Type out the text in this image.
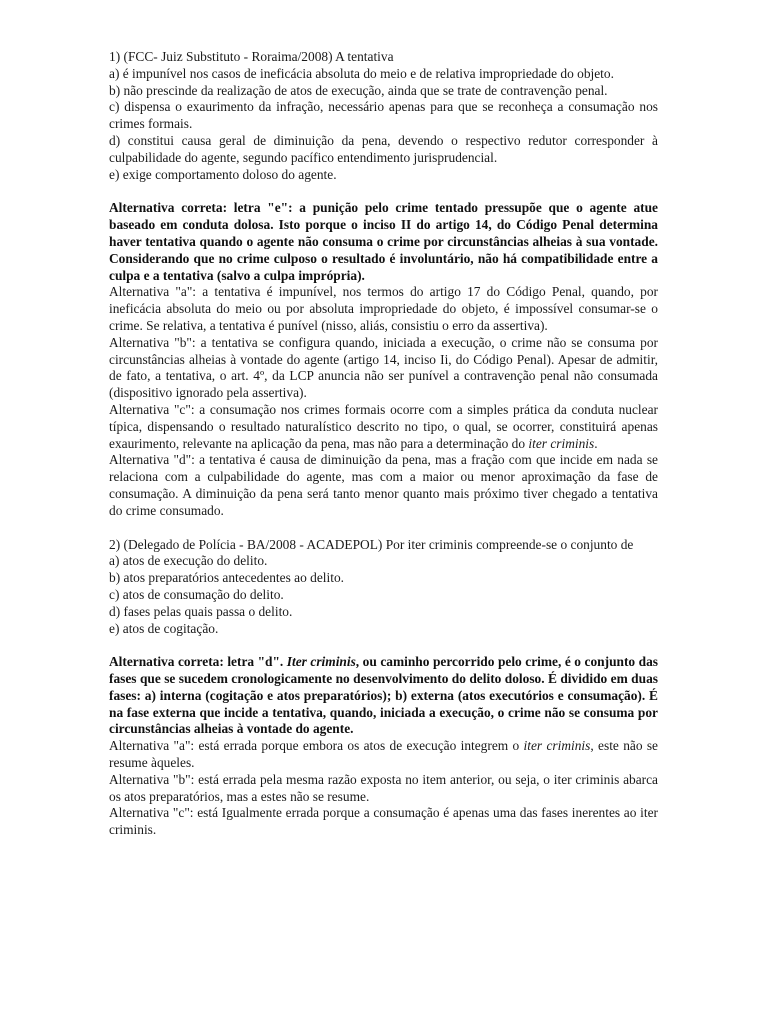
1) (FCC- Juiz Substituto - Roraima/2008) A tentativa

a) é impunível nos casos de ineficácia absoluta do meio e de relativa impropriedade do objeto.

b) não prescinde da realização de atos de execução, ainda que se trate de contravenção penal.

c) dispensa o exaurimento da infração, necessário apenas para que se reconheça a consumação nos crimes formais.

d) constitui causa geral de diminuição da pena, devendo o respectivo redutor corresponder à culpabilidade do agente, segundo pacífico entendimento jurisprudencial.

e) exige comportamento doloso do agente.

Alternativa correta: letra "e": a punição pelo crime tentado pressupõe que o agente atue baseado em conduta dolosa. Isto porque o inciso II do artigo 14, do Código Penal determina haver tentativa quando o agente não consuma o crime por circunstâncias alheias à sua vontade. Considerando que no crime culposo o resultado é involuntário, não há compatibilidade entre a culpa e a tentativa (salvo a culpa imprópria).

Alternativa "a": a tentativa é impunível, nos termos do artigo 17 do Código Penal, quando, por ineficácia absoluta do meio ou por absoluta impropriedade do objeto, é impossível consumar-se o crime. Se relativa, a tentativa é punível (nisso, aliás, consistiu o erro da assertiva).

Alternativa "b": a tentativa se configura quando, iniciada a execução, o crime não se consuma por circunstâncias alheias à vontade do agente (artigo 14, inciso Ii, do Código Penal). Apesar de admitir, de fato, a tentativa, o art. 4º, da LCP anuncia não ser punível a contravenção penal não consumada (dispositivo ignorado pela assertiva).

Alternativa "c": a consumação nos crimes formais ocorre com a simples prática da conduta nuclear típica, dispensando o resultado naturalístico descrito no tipo, o qual, se ocorrer, constituirá apenas exaurimento, relevante na aplicação da pena, mas não para a determinação do iter criminis.

Alternativa "d": a tentativa é causa de diminuição da pena, mas a fração com que incide em nada se relaciona com a culpabilidade do agente, mas com a maior ou menor aproximação da fase de consumação. A diminuição da pena será tanto menor quanto mais próximo tiver chegado a tentativa do crime consumado.

2) (Delegado de Polícia - BA/2008 - ACADEPOL) Por iter criminis compreende-se o conjunto de

a) atos de execução do delito.

b) atos preparatórios antecedentes ao delito.

c) atos de consumação do delito.

d) fases pelas quais passa o delito.

e) atos de cogitação.

Alternativa correta: letra "d". Iter criminis, ou caminho percorrido pelo crime, é o conjunto das fases que se sucedem cronologicamente no desenvolvimento do delito doloso. É dividido em duas fases: a) interna (cogitação e atos preparatórios); b) externa (atos executórios e consumação). É na fase externa que incide a tentativa, quando, iniciada a execução, o crime não se consuma por circunstâncias alheias à vontade do agente.

Alternativa "a": está errada porque embora os atos de execução integrem o iter criminis, este não se resume àqueles.

Alternativa "b": está errada pela mesma razão exposta no item anterior, ou seja, o iter criminis abarca os atos preparatórios, mas a estes não se resume.

Alternativa "c": está Igualmente errada porque a consumação é apenas uma das fases inerentes ao iter criminis.
